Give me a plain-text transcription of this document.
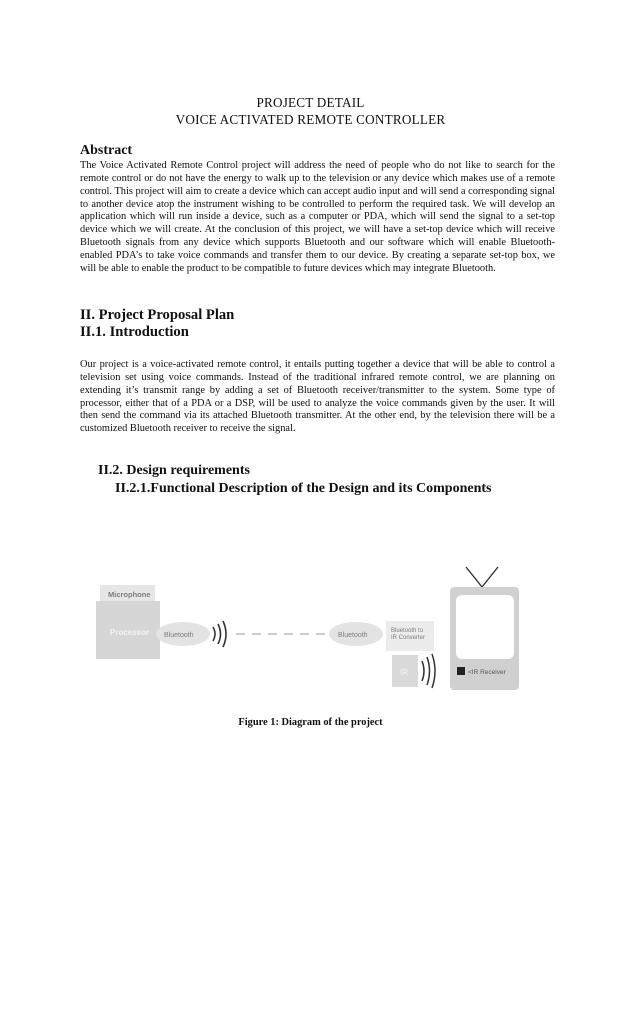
PROJECT DETAIL
VOICE ACTIVATED REMOTE CONTROLLER
Abstract

The Voice Activated Remote Control project will address the need of people who do not like to search for the remote control or do not have the energy to walk up to the television or any device which makes use of a remote control. This project will aim to create a device which can accept audio input and will send a corresponding signal to another device atop the instrument wishing to be controlled to perform the required task. We will develop an application which will run inside a device, such as a computer or PDA, which will send the signal to a set-top device which we will create. At the conclusion of this project, we will have a set-top device which will receive Bluetooth signals from any device which supports Bluetooth and our software which will enable Bluetooth-enabled PDA’s to take voice commands and transfer them to our device. By creating a separate set-top box, we will be able to enable the product to be compatible to future devices which may integrate Bluetooth.

II. Project Proposal Plan
II.1. Introduction

Our project is a voice-activated remote control, it entails putting together a device that will be able to control a television set using voice commands. Instead of the traditional infrared remote control, we are planning on extending it’s transmit range by adding a set of Bluetooth receiver/transmitter to the system. Some type of processor, either that of a PDA or a DSP, will be used to analyze the voice commands given by the user. It will then send the command via its attached Bluetooth transmitter. At the other end, by the television there will be a customized Bluetooth receiver to receive the signal.

II.2. Design requirements
II.2.1.Functional Description of the Design and its Components
Microphone
Processor Bluetooth	Bluetooth
Bluetooth to
IR Converter
IR	<IR Receiver
Figure 1: Diagram of the project
